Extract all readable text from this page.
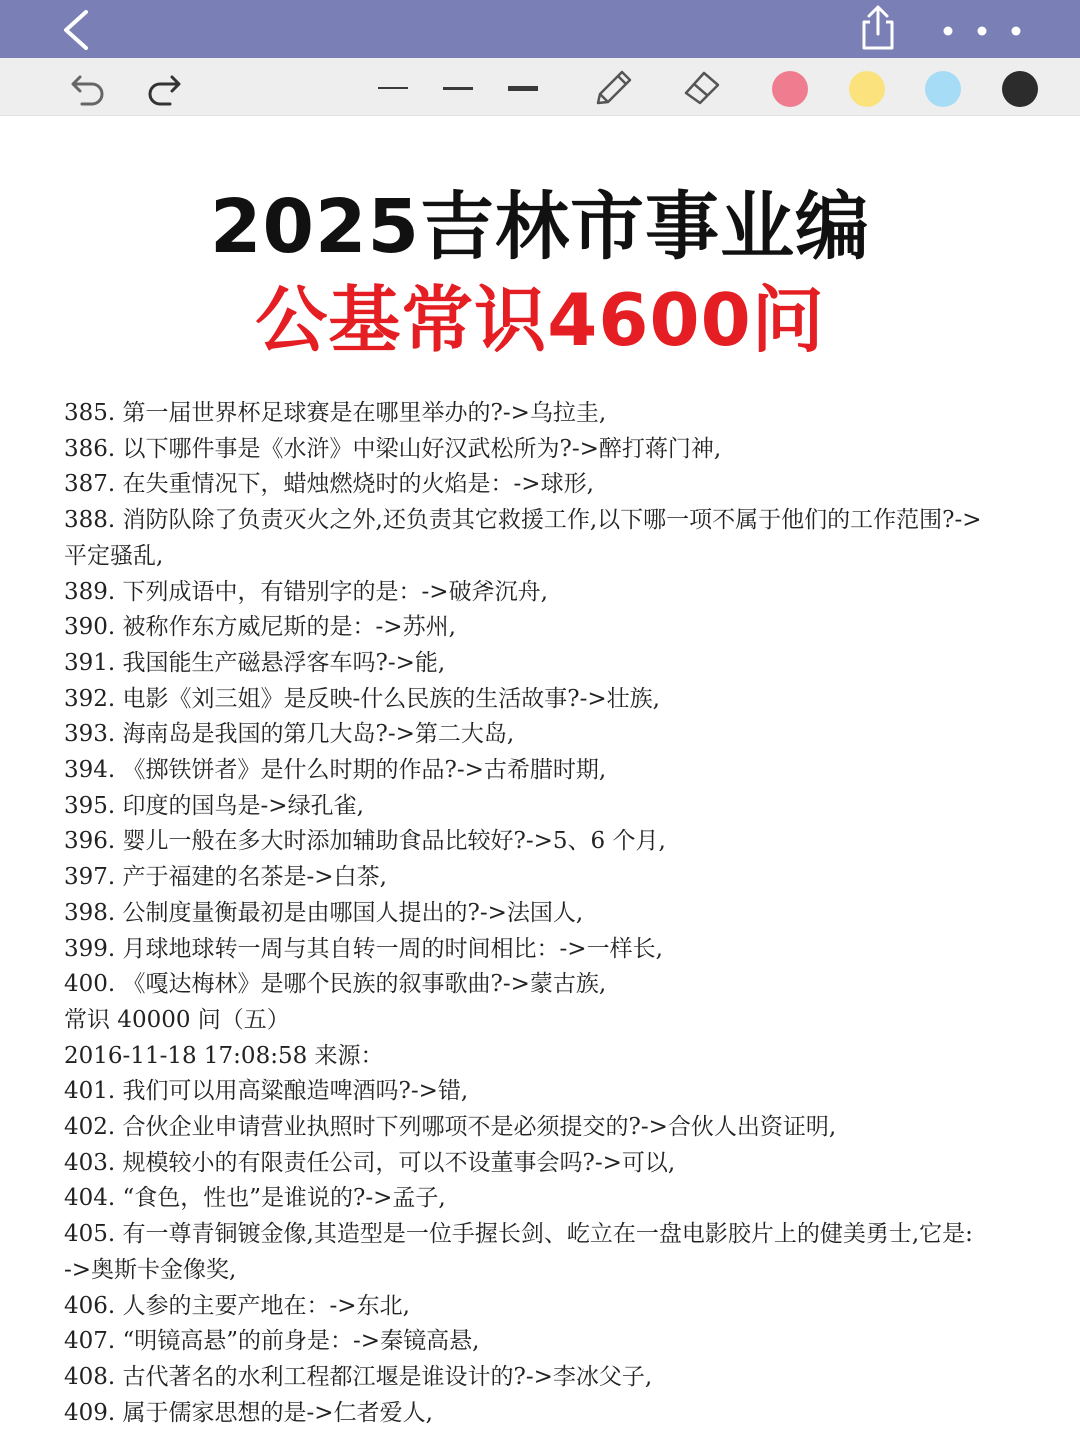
2025吉林市事业编
公基常识4600问
385. 第一届世界杯足球赛是在哪里举办的?->乌拉圭,
386. 以下哪件事是《水浒》中梁山好汉武松所为?->醉打蒋门神,
387. 在失重情况下，蜡烛燃烧时的火焰是：->球形,
388. 消防队除了负责灭火之外,还负责其它救援工作,以下哪一项不属于他们的工作范围?->
平定骚乱,
389. 下列成语中，有错别字的是：->破斧沉舟,
390. 被称作东方威尼斯的是：->苏州,
391. 我国能生产磁悬浮客车吗?->能,
392. 电影《刘三姐》是反映-什么民族的生活故事?->壮族,
393. 海南岛是我国的第几大岛?->第二大岛,
394. 《掷铁饼者》是什么时期的作品?->古希腊时期,
395. 印度的国鸟是->绿孔雀,
396. 婴儿一般在多大时添加辅助食品比较好?->5、6 个月,
397. 产于福建的名茶是->白茶,
398. 公制度量衡最初是由哪国人提出的?->法国人,
399. 月球地球转一周与其自转一周的时间相比：->一样长,
400. 《嘎达梅林》是哪个民族的叙事歌曲?->蒙古族,
常识 40000 问（五）
2016-11-18 17:08:58 来源：
401. 我们可以用高粱酿造啤酒吗?->错,
402. 合伙企业申请营业执照时下列哪项不是必须提交的?->合伙人出资证明,
403. 规模较小的有限责任公司，可以不设董事会吗?->可以,
404. “食色，性也”是谁说的?->孟子,
405. 有一尊青铜镀金像,其造型是一位手握长剑、屹立在一盘电影胶片上的健美勇士,它是:
->奥斯卡金像奖,
406. 人参的主要产地在：->东北,
407. “明镜高悬”的前身是：->秦镜高悬,
408. 古代著名的水利工程都江堰是谁设计的?->李冰父子,
409. 属于儒家思想的是->仁者爱人,
